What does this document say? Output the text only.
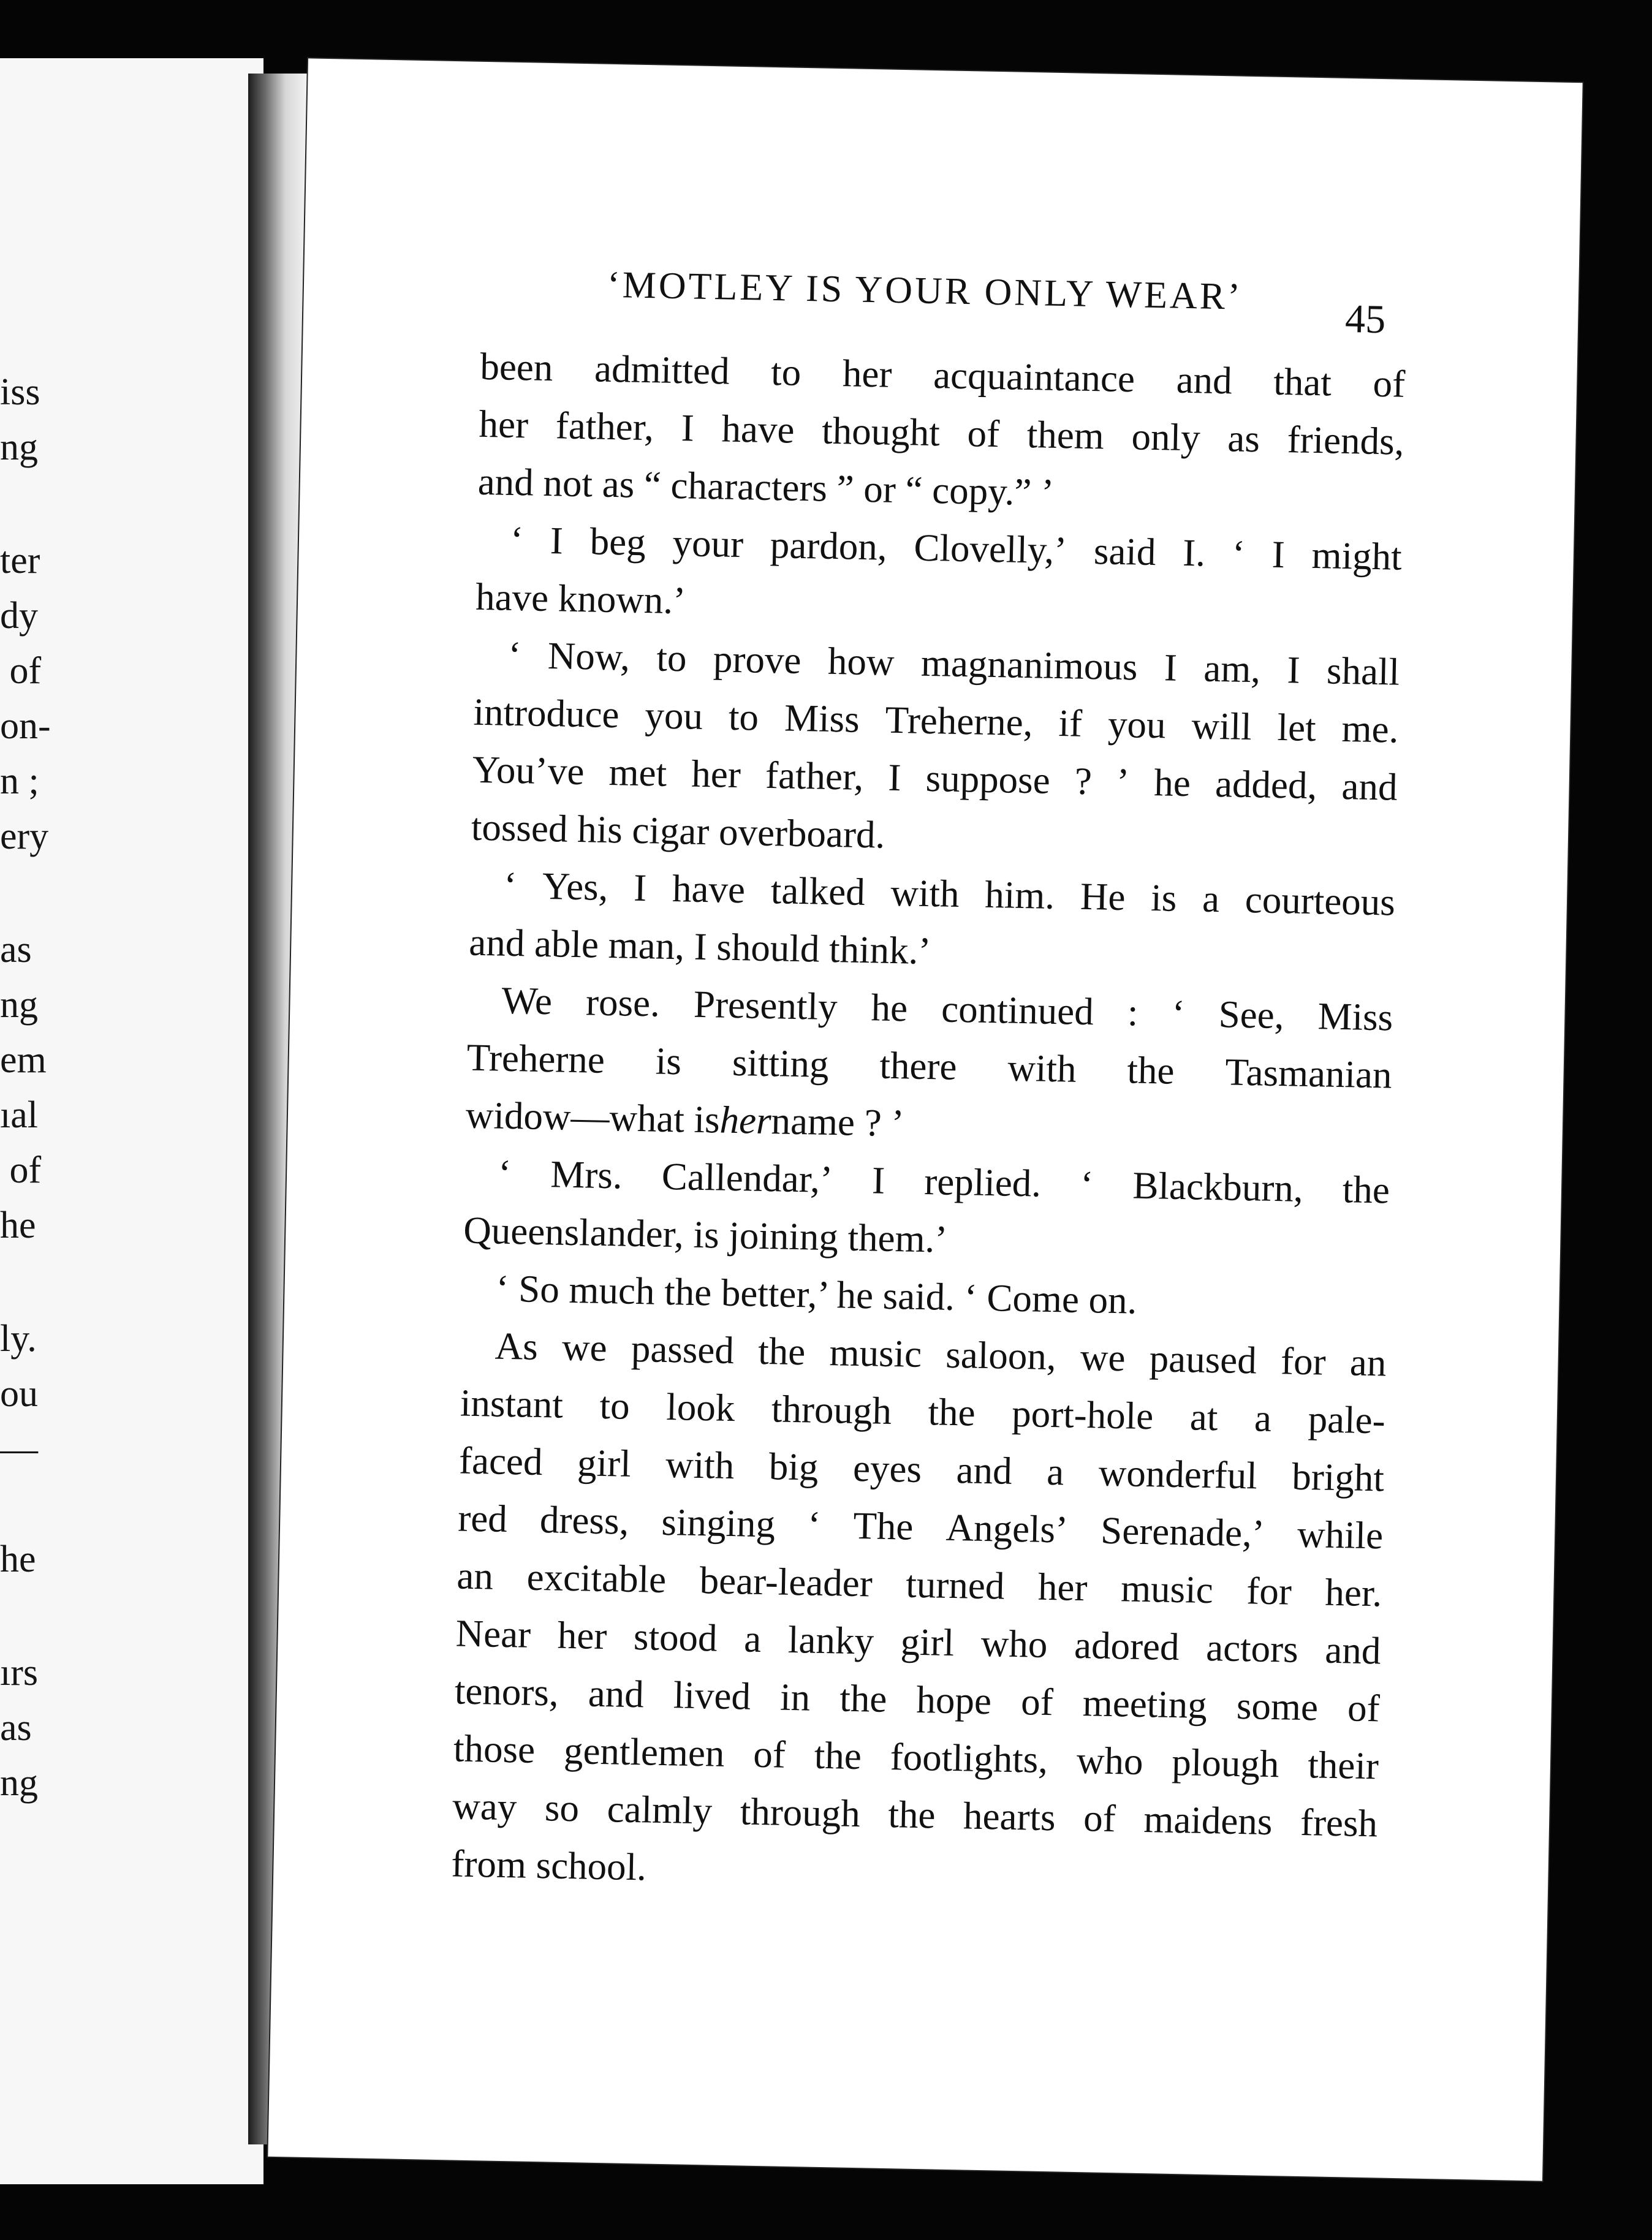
iss
ng
ter
dy
of
on-
n ;
ery
as
ng
em
ıal
of
he
ly.
ou
—
he
ırs
as
ng
‘MOTLEY IS YOUR ONLY WEAR’
45
been admitted to her acquaintance and that of
her father, I have thought of them only as friends,
and not as “ characters ” or “ copy.” ’
‘ I beg your pardon, Clovelly,’ said I. ‘ I might
have known.’
‘ Now, to prove how magnanimous I am, I shall
introduce you to Miss Treherne, if you will let me.
You’ve met her father, I suppose ? ’ he added, and
tossed his cigar overboard.
‘ Yes, I have talked with him. He is a courteous
and able man, I should think.’
We rose. Presently he continued : ‘ See, Miss
Treherne is sitting there with the Tasmanian
widow—what is
her
name ? ’
‘ Mrs. Callendar,’ I replied. ‘ Blackburn, the
Queenslander, is joining them.’
‘ So much the better,’ he said. ‘ Come on.
As we passed the music saloon, we paused for an
instant to look through the port-hole at a pale-
faced girl with big eyes and a wonderful bright
red dress, singing ‘ The Angels’ Serenade,’ while
an excitable bear-leader turned her music for her.
Near her stood a lanky girl who adored actors and
tenors, and lived in the hope of meeting some of
those gentlemen of the footlights, who plough their
way so calmly through the hearts of maidens fresh
from school.
